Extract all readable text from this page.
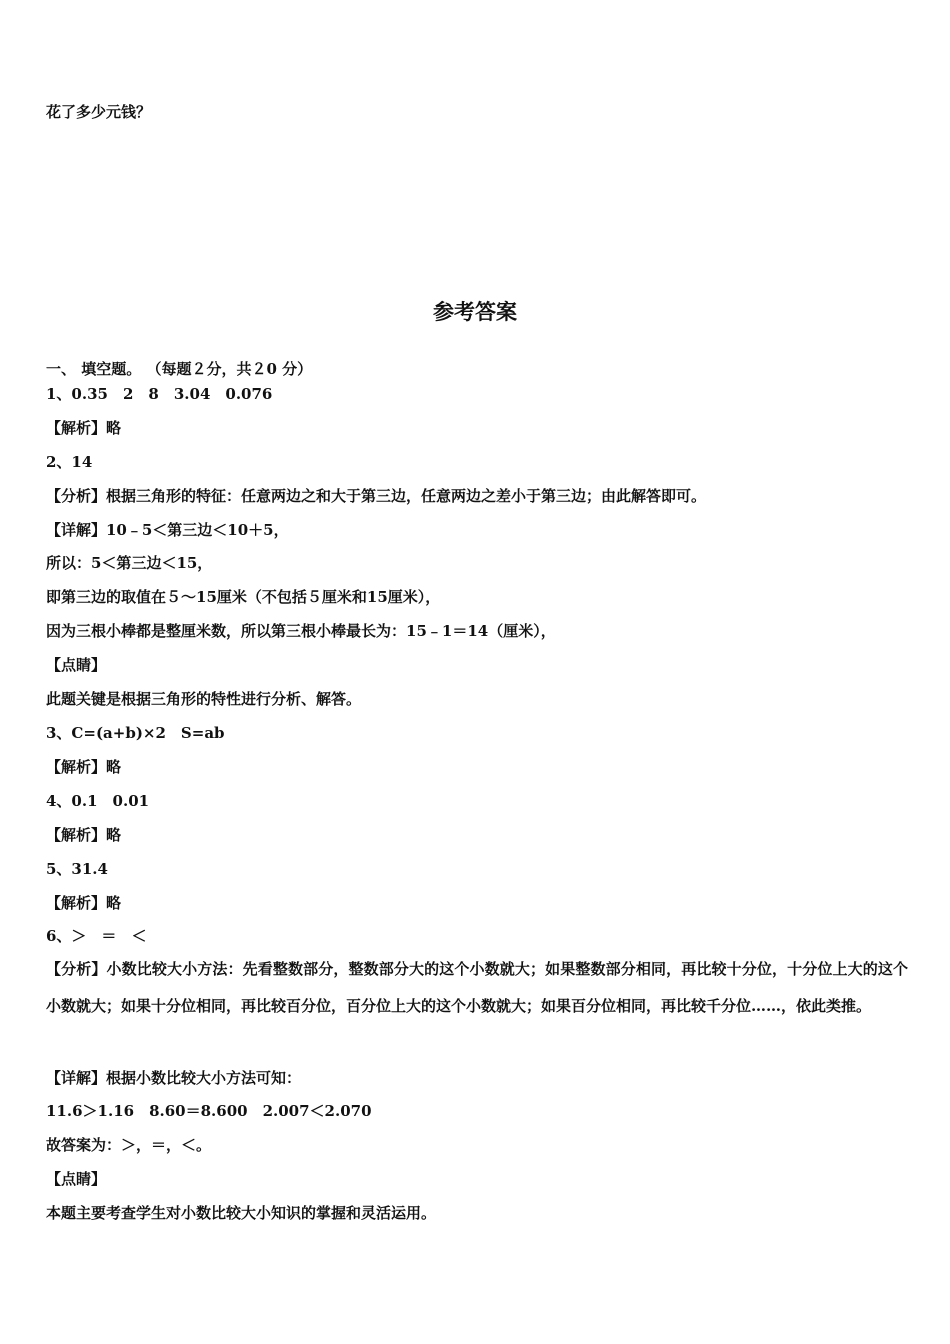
花了多少元钱？
参考答案
一、 填空题。 （每题２分，共２0 分）
1、0.35　2　8　3.04　0.076
【解析】略
2、14
【分析】根据三角形的特征：任意两边之和大于第三边，任意两边之差小于第三边；由此解答即可。
【详解】10﹣5＜第三边＜10＋5，
所以：5＜第三边＜15，
即第三边的取值在５～15厘米（不包括５厘米和15厘米），
因为三根小棒都是整厘米数，所以第三根小棒最长为：15﹣1＝14（厘米），
【点睛】
此题关键是根据三角形的特性进行分析、解答。
3、C=(a+b)×2　S=ab
【解析】略
4、0.1　0.01
【解析】略
5、31.4
【解析】略
6、＞　＝　＜
【分析】小数比较大小方法：先看整数部分，整数部分大的这个小数就大；如果整数部分相同，再比较十分位，十分位上大的这个小数就大；如果十分位相同，再比较百分位，百分位上大的这个小数就大；如果百分位相同，再比较千分位……，依此类推。
【详解】根据小数比较大小方法可知：
11.6＞1.16　8.60＝8.600　2.007＜2.070
故答案为：＞，＝，＜。
【点睛】
本题主要考查学生对小数比较大小知识的掌握和灵活运用。
